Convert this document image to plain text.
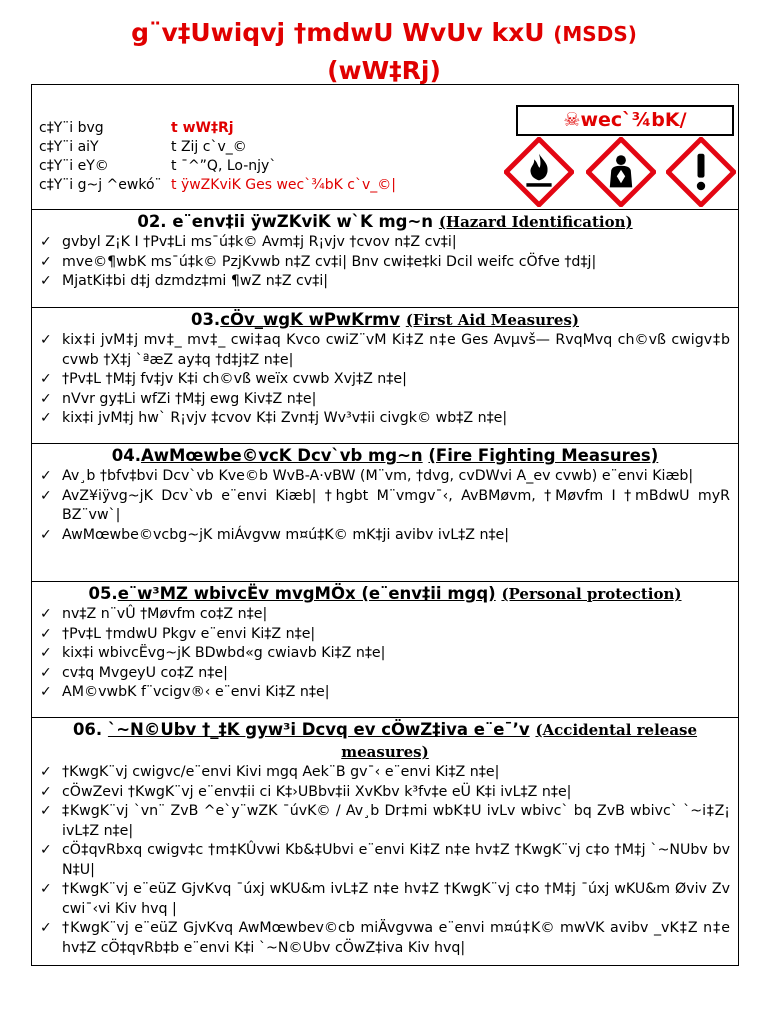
g¨v‡Uwiqvj †mdwU WvUv kxU (MSDS)
(wW‡Rj)
c‡Y¨i bvg	t wW‡Rj
c‡Y¨i aiY	t Zij c`v_©
c‡Y¨i eY©	t ¯^”Q, Lo-njy`
c‡Y¨i g~j ^ewkó¨ t ÿwZKviK Ges wec`¾bK c`v_©|
☠wec`¾bK/
02. e¨env‡ii ÿwZKviK w`K mg~n (Hazard Identification)
✓ gvbyl Z¡K I †Pv‡Li ms¯ú‡k© Avm‡j R¡vjv †cvov n‡Z cv‡i|
✓ mve©¶wbK ms¯ú‡k© PzjKvwb n‡Z cv‡i| Bnv cwi‡e‡ki Dcil weifc cÖfve †d‡j|
✓ MjatKi‡bi d‡j dzmdz‡mi ¶wZ n‡Z cv‡i|
03.cÖv_wgK wPwKrmv (First Aid Measures)
✓ kix‡i jvM‡j mv‡_ mv‡_ cwi‡aq Kvco cwiZ¨vM Ki‡Z n‡e Ges Avµvš— RvqMvq ch©vß cwigv‡b cvwb †X‡j `ªæZ ay‡q †d‡j‡Z n‡e|
✓ †Pv‡L †M‡j fv‡jv K‡i ch©vß weïx cvwb Xvj‡Z n‡e|
✓ nVvr gy‡Li wfZi †M‡j ewg Kiv‡Z n‡e|
✓ kix‡i jvM‡j hw` R¡vjv ‡cvov K‡i Zvn‡j Wv³v‡ii civgk© wb‡Z n‡e|
04.AwMœwbe©vcK Dcv`vb mg~n (Fire Fighting Measures)
✓ Av¸b †bfv‡bvi Dcv`vb Kve©b WvB-A·vBW (M¨vm, †dvg, cvDWvi A_ev cvwb) e¨envi Kiæb|
✓ AvZ¥iÿvg~jK Dcv`vb e¨envi Kiæb| †hgbt M¨vmgv¯‹, AvBMøvm, †Møvfm I †mBdwU myR BZ¨vw`|
✓ AwMœwbe©vcbg~jK miÁvgvw m¤ú‡K© mK‡ji avibv ivL‡Z n‡e|
05.e¨w³MZ wbivcËv mvgMÖx (e¨env‡ii mgq) (Personal protection)
✓ nv‡Z n¨vÛ †Møvfm co‡Z n‡e|
✓ †Pv‡L †mdwU Pkgv e¨envi Ki‡Z n‡e|
✓ kix‡i wbivcËvg~jK BDwbd«g cwiavb Ki‡Z n‡e|
✓ cv‡q MvgeyU co‡Z n‡e|
✓ AM©vwbK f¨vcigv®‹ e¨envi Ki‡Z n‡e|
06. `~N©Ubv †_‡K gyw³i Dcvq ev cÖwZ‡iva e¨e¯’v (Accidental release measures)
✓ †KwgK¨vj cwigvc/e¨envi Kivi mgq Aek¨B gv¯‹ e¨envi Ki‡Z n‡e|
✓ cÖwZevi †KwgK¨vj e¨env‡ii ci K‡›UBbv‡ii XvKbv k³fv‡e eÜ K‡i ivL‡Z n‡e|
✓ ‡KwgK¨vj `vn¨ ZvB ^e`y¨wZK ¯úvK© / Av¸b Dr‡mi wbK‡U ivLv wbivc` bq ZvB wbivc` `~i‡Z¡ ivL‡Z n‡e|
✓ cÖ‡qvRbxq cwigv‡c †m‡KÛvwi Kb&‡Ubvi e¨envi Ki‡Z n‡e hv‡Z †KwgK¨vj c‡o †M‡j `~NUbv bv N‡U|
✓ †KwgK¨vj e¨eüZ GjvKvq ¯úxj wKU&m ivL‡Z n‡e hv‡Z †KwgK¨vj c‡o †M‡j ¯úxj wKU&m Øviv Zv cwi¯‹vi Kiv hvq |
✓ †KwgK¨vj e¨eüZ GjvKvq AwMœwbev©cb miÄvgvwa e¨envi m¤ú‡K© mwVK avibv _vK‡Z n‡e hv‡Z cÖ‡qvRb‡b e¨envi K‡i `~N©Ubv cÖwZ‡iva Kiv hvq|
